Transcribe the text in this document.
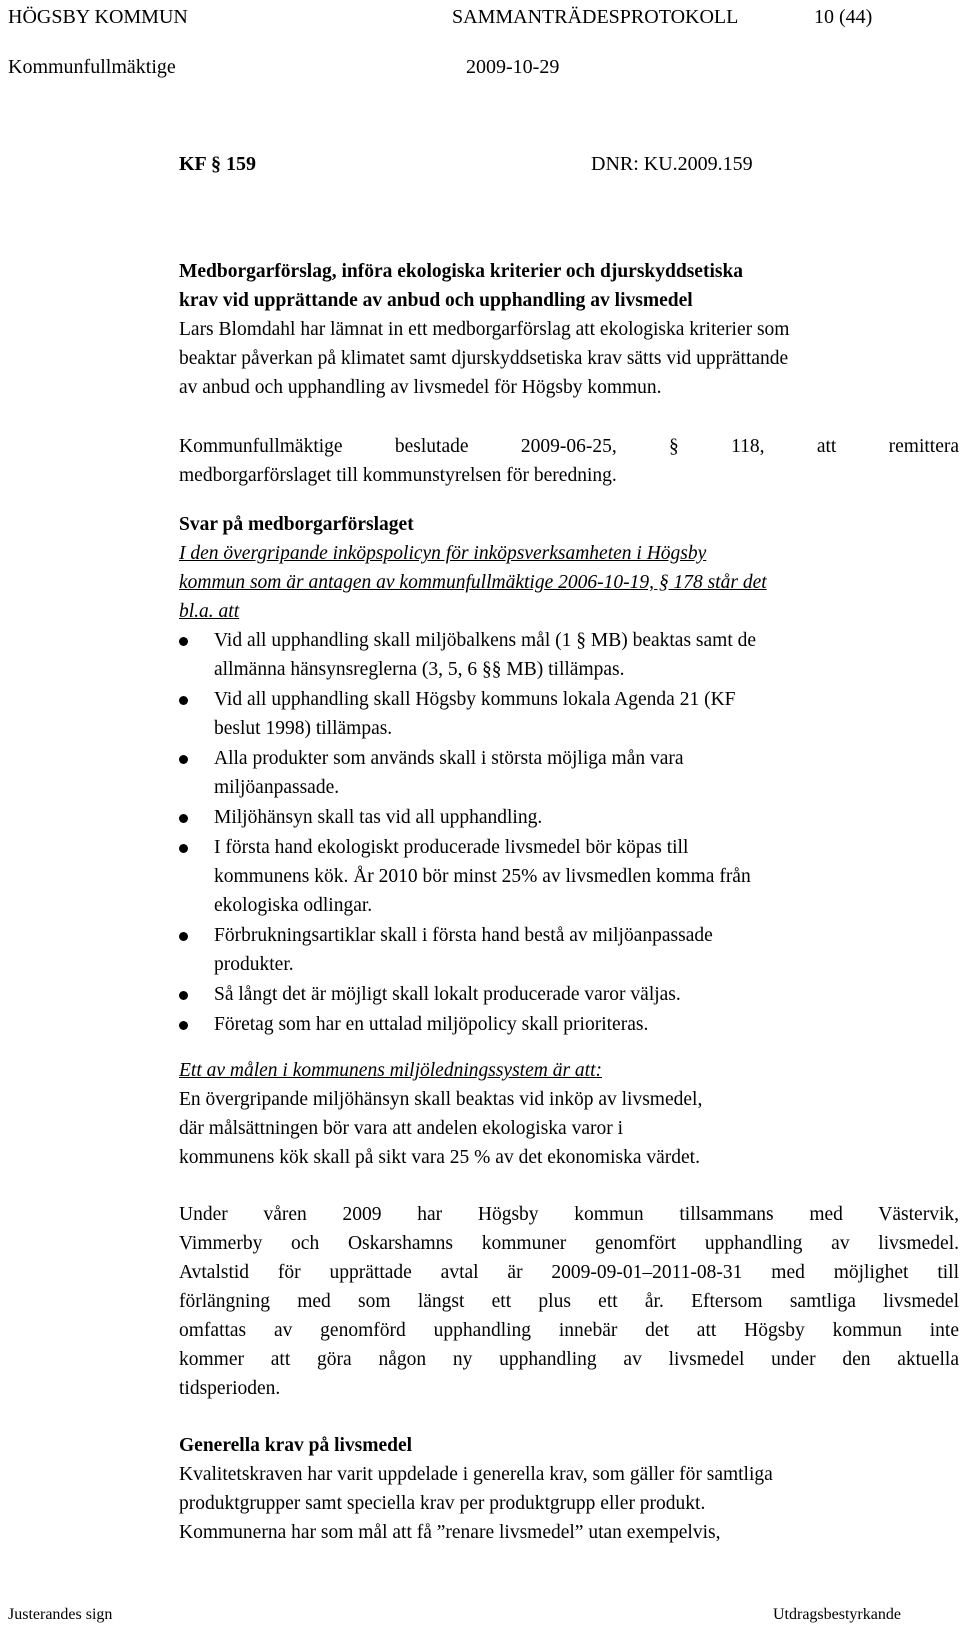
HÖGSBY KOMMUN	SAMMANTRÄDESPROTOKOLL	10 (44)
Kommunfullmäktige	2009-10-29
KF § 159	DNR: KU.2009.159
Medborgarförslag, införa ekologiska kriterier och djurskyddsetiska
krav vid upprättande av anbud och upphandling av livsmedel
Lars Blomdahl har lämnat in ett medborgarförslag att ekologiska kriterier som
beaktar påverkan på klimatet samt djurskyddsetiska krav sätts vid upprättande
av anbud och upphandling av livsmedel för Högsby kommun.
Kommunfullmäktige beslutade 2009-06-25, § 118, att remittera
medborgarförslaget till kommunstyrelsen för beredning.
Svar på medborgarförslaget
I den övergripande inköpspolicyn för inköpsverksamheten i Högsby
kommun som är antagen av kommunfullmäktige 2006-10-19, § 178 står det
bl.a. att
Vid all upphandling skall miljöbalkens mål (1 § MB) beaktas samt de
allmänna hänsynsreglerna (3, 5, 6 §§ MB) tillämpas.
Vid all upphandling skall Högsby kommuns lokala Agenda 21 (KF
beslut 1998) tillämpas.
Alla produkter som används skall i största möjliga mån vara
miljöanpassade.
Miljöhänsyn skall tas vid all upphandling.
I första hand ekologiskt producerade livsmedel bör köpas till
kommunens kök. År 2010 bör minst 25% av livsmedlen komma från
ekologiska odlingar.
Förbrukningsartiklar skall i första hand bestå av miljöanpassade
produkter.
Så långt det är möjligt skall lokalt producerade varor väljas.
Företag som har en uttalad miljöpolicy skall prioriteras.
Ett av målen i kommunens miljöledningssystem är att:
En övergripande miljöhänsyn skall beaktas vid inköp av livsmedel,
där målsättningen bör vara att andelen ekologiska varor i
kommunens kök skall på sikt vara 25 % av det ekonomiska värdet.
Under våren 2009 har Högsby kommun tillsammans med Västervik,
Vimmerby och Oskarshamns kommuner genomfört upphandling av livsmedel.
Avtalstid för upprättade avtal är 2009-09-01–2011-08-31 med möjlighet till
förlängning med som längst ett plus ett år. Eftersom samtliga livsmedel
omfattas av genomförd upphandling innebär det att Högsby kommun inte
kommer att göra någon ny upphandling av livsmedel under den aktuella
tidsperioden.
Generella krav på livsmedel
Kvalitetskraven har varit uppdelade i generella krav, som gäller för samtliga
produktgrupper samt speciella krav per produktgrupp eller produkt.
Kommunerna har som mål att få ”renare livsmedel” utan exempelvis,
Justerandes sign	Utdragsbestyrkande
